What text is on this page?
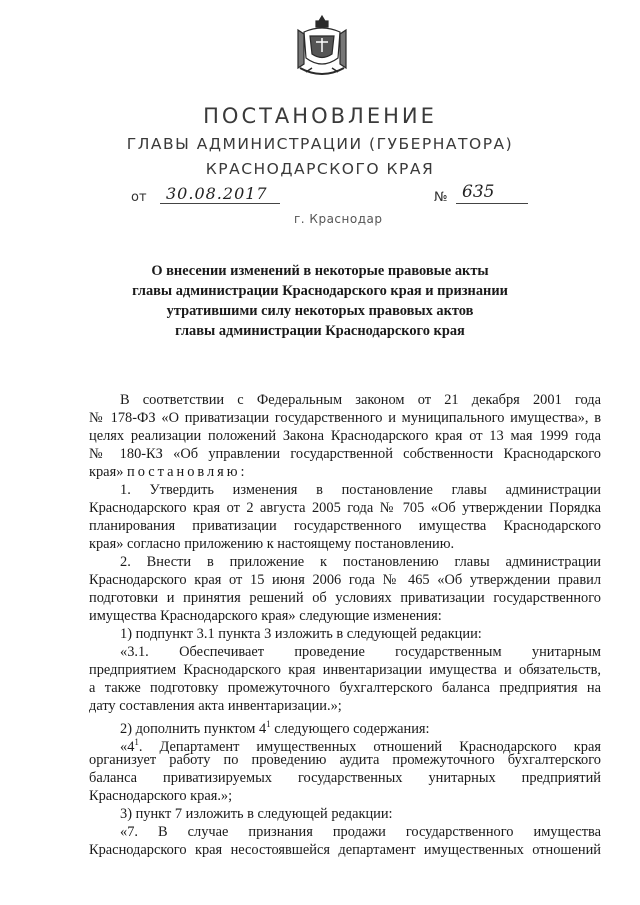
ПОСТАНОВЛЕНИЕ
ГЛАВЫ АДМИНИСТРАЦИИ (ГУБЕРНАТОРА)
КРАСНОДАРСКОГО КРАЯ
от 30.08.2017	№ 635
г. Краснодар
О внесении изменений в некоторые правовые акты
главы администрации Краснодарского края и признании
утратившими силу некоторых правовых актов
главы администрации Краснодарского края
В соответствии с Федеральным законом от 21 декабря 2001 года
№ 178-ФЗ «О приватизации государственного и муниципального имущества», в
целях реализации положений Закона Краснодарского края от 13 мая 1999 года
№ 180-КЗ «Об управлении государственной собственности Краснодарского
края» постановляю:
1. Утвердить изменения в постановление главы администрации
Краснодарского края от 2 августа 2005 года № 705 «Об утверждении Порядка
планирования приватизации государственного имущества Краснодарского
края» согласно приложению к настоящему постановлению.
2. Внести в приложение к постановлению главы администрации
Краснодарского края от 15 июня 2006 года № 465 «Об утверждении правил
подготовки и принятия решений об условиях приватизации государственного
имущества Краснодарского края» следующие изменения:
1) подпункт 3.1 пункта 3 изложить в следующей редакции:
«3.1. Обеспечивает проведение государственным унитарным
предприятием Краснодарского края инвентаризации имущества и обязательств,
а также подготовку промежуточного бухгалтерского баланса предприятия на
дату составления акта инвентаризации.»;
2) дополнить пунктом $4^1$ следующего содержания:
«$4^1$. Департамент имущественных отношений Краснодарского края
организует работу по проведению аудита промежуточного бухгалтерского
баланса приватизируемых государственных унитарных предприятий
Краснодарского края.»;
3) пункт 7 изложить в следующей редакции:
«7. В случае признания продажи государственного имущества
Краснодарского края несостоявшейся департамент имущественных отношений
